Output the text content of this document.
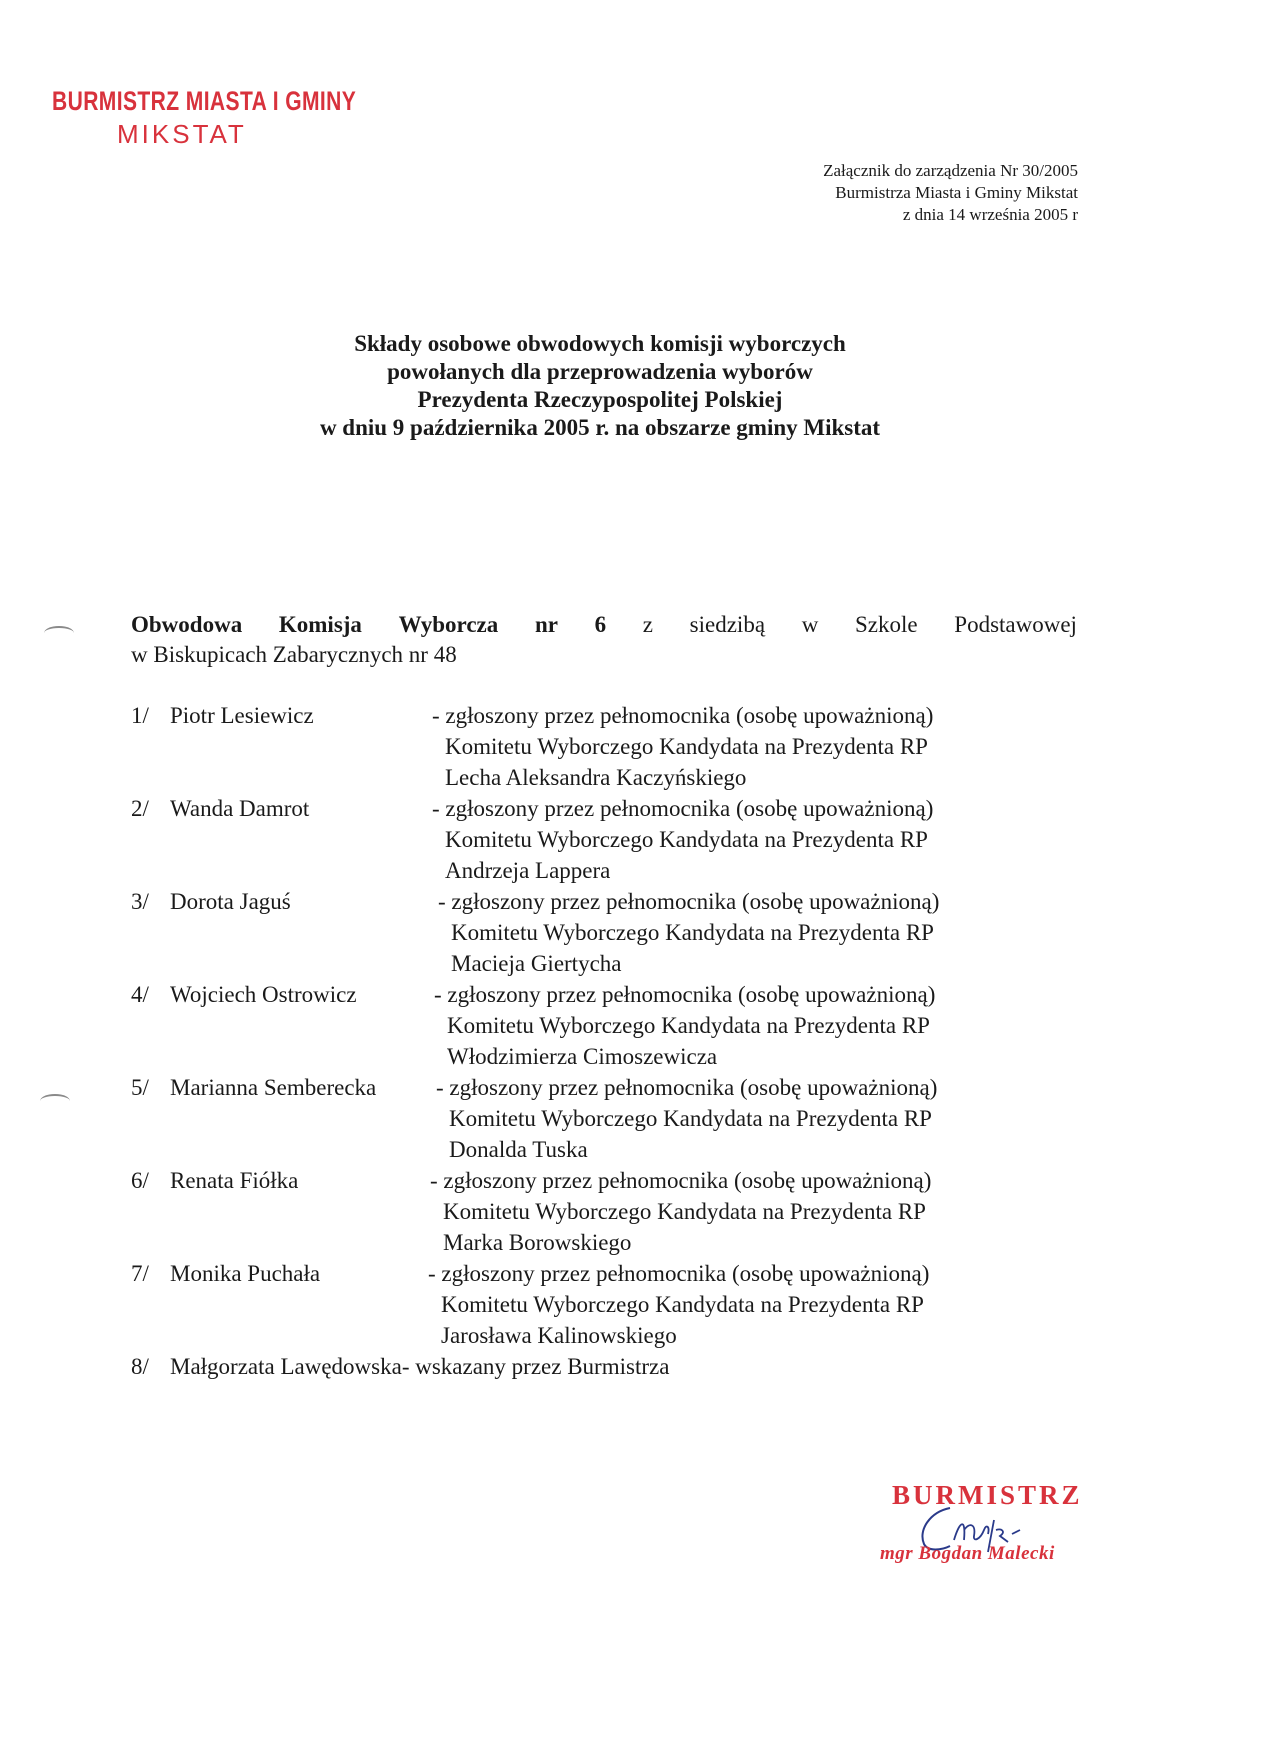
BURMISTRZ MIASTA I GMINY
MIKSTAT
Załącznik do zarządzenia Nr 30/2005
Burmistrza Miasta i Gminy Mikstat
z dnia 14 września 2005 r
Składy osobowe obwodowych komisji wyborczych
powołanych dla przeprowadzenia wyborów
Prezydenta Rzeczypospolitej Polskiej
w dniu 9 października 2005 r. na obszarze gminy Mikstat
Obwodowa Komisja Wyborcza nr 6 z siedzibą w Szkole Podstawowej
w Biskupicach Zabarycznych nr 48
1/ Piotr Lesiewicz	- zgłoszony przez pełnomocnika (osobę upoważnioną)
Komitetu Wyborczego Kandydata na Prezydenta RP
Lecha Aleksandra Kaczyńskiego
2/ Wanda Damrot	- zgłoszony przez pełnomocnika (osobę upoważnioną)
Komitetu Wyborczego Kandydata na Prezydenta RP
Andrzeja Lappera
3/ Dorota Jaguś	- zgłoszony przez pełnomocnika (osobę upoważnioną)
Komitetu Wyborczego Kandydata na Prezydenta RP
Macieja Giertycha
4/ Wojciech Ostrowicz	- zgłoszony przez pełnomocnika (osobę upoważnioną)
Komitetu Wyborczego Kandydata na Prezydenta RP
Włodzimierza Cimoszewicza
5/ Marianna Semberecka	- zgłoszony przez pełnomocnika (osobę upoważnioną)
Komitetu Wyborczego Kandydata na Prezydenta RP
Donalda Tuska
6/ Renata Fiółka	- zgłoszony przez pełnomocnika (osobę upoważnioną)
Komitetu Wyborczego Kandydata na Prezydenta RP
Marka Borowskiego
7/ Monika Puchała	- zgłoszony przez pełnomocnika (osobę upoważnioną)
Komitetu Wyborczego Kandydata na Prezydenta RP
Jarosława Kalinowskiego
8/ Małgorzata Lawędowska- wskazany przez Burmistrza
BURMISTRZ
mgr Bogdan Malecki
